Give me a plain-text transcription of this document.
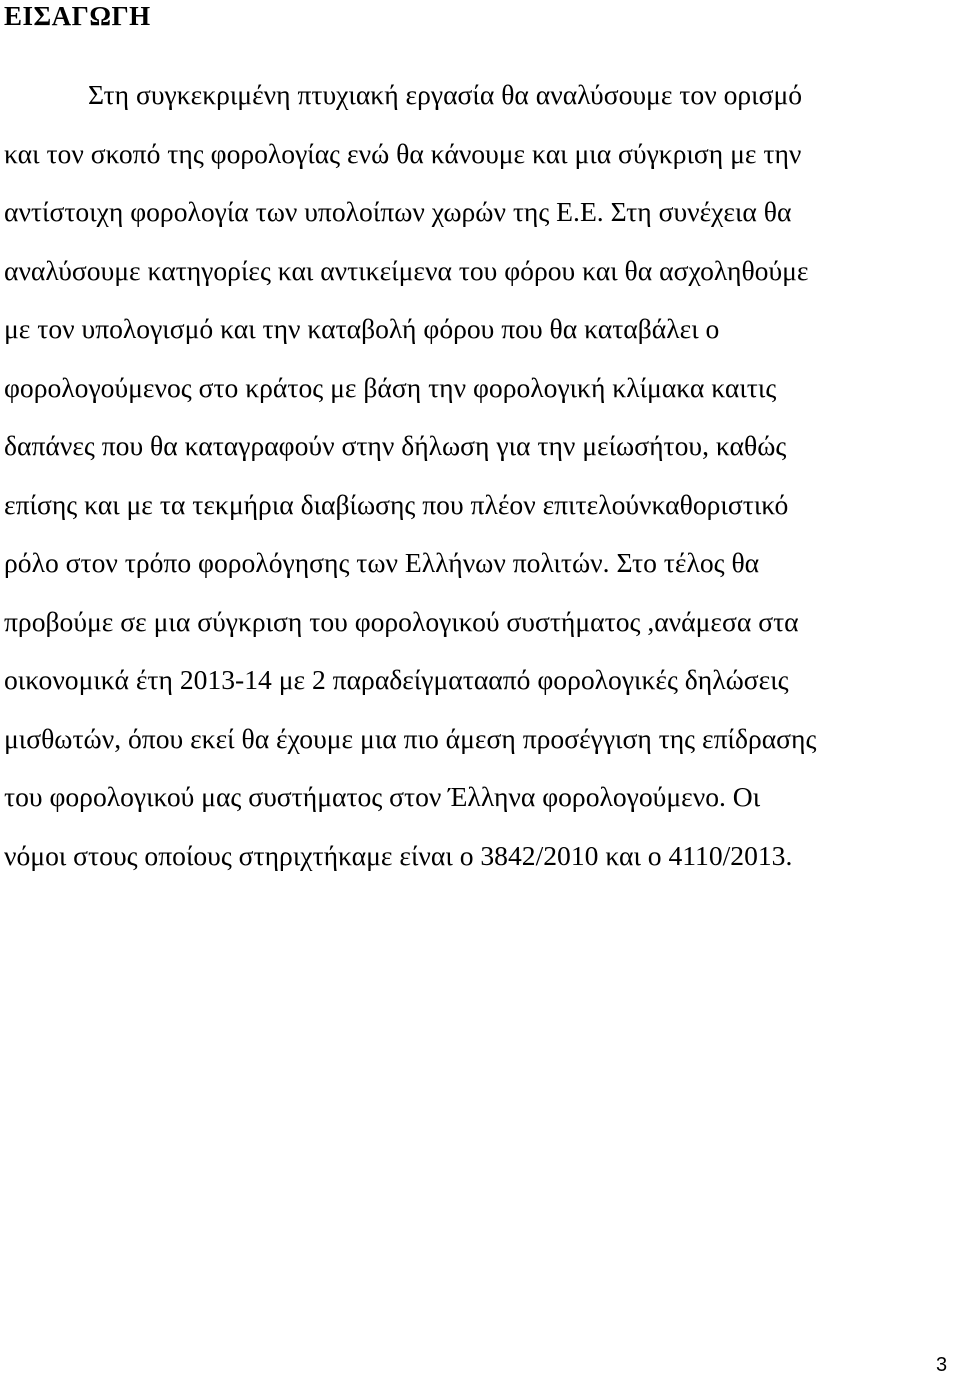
ΕΙΣΑΓΩΓΗ
Στη συγκεκριμένη πτυχιακή εργασία θα αναλύσουμε τον ορισμό
και τον σκοπό της φορολογίας ενώ θα κάνουμε και μια σύγκριση με την
αντίστοιχη φορολογία των υπολοίπων χωρών της Ε.Ε. Στη συνέχεια θα
αναλύσουμε κατηγορίες και αντικείμενα του φόρου και θα ασχοληθούμε
με τον υπολογισμό και την καταβολή φόρου που θα καταβάλει ο
φορολογούμενος στο κράτος με βάση την φορολογική κλίμακα καιτις
δαπάνες που θα καταγραφούν στην δήλωση για την μείωσήτου, καθώς
επίσης και με τα τεκμήρια διαβίωσης που πλέον επιτελούνκαθοριστικό
ρόλο στον τρόπο φορολόγησης των Ελλήνων πολιτών. Στο τέλος θα
προβούμε σε μια σύγκριση του φορολογικού συστήματος ,ανάμεσα στα
οικονομικά έτη 2013-14 με 2 παραδείγματααπό φορολογικές δηλώσεις
μισθωτών, όπου εκεί θα έχουμε μια πιο άμεση προσέγγιση της επίδρασης
του φορολογικού μας συστήματος στον Έλληνα φορολογούμενο. Οι
νόμοι στους οποίους στηριχτήκαμε είναι ο 3842/2010 και ο 4110/2013.
3
